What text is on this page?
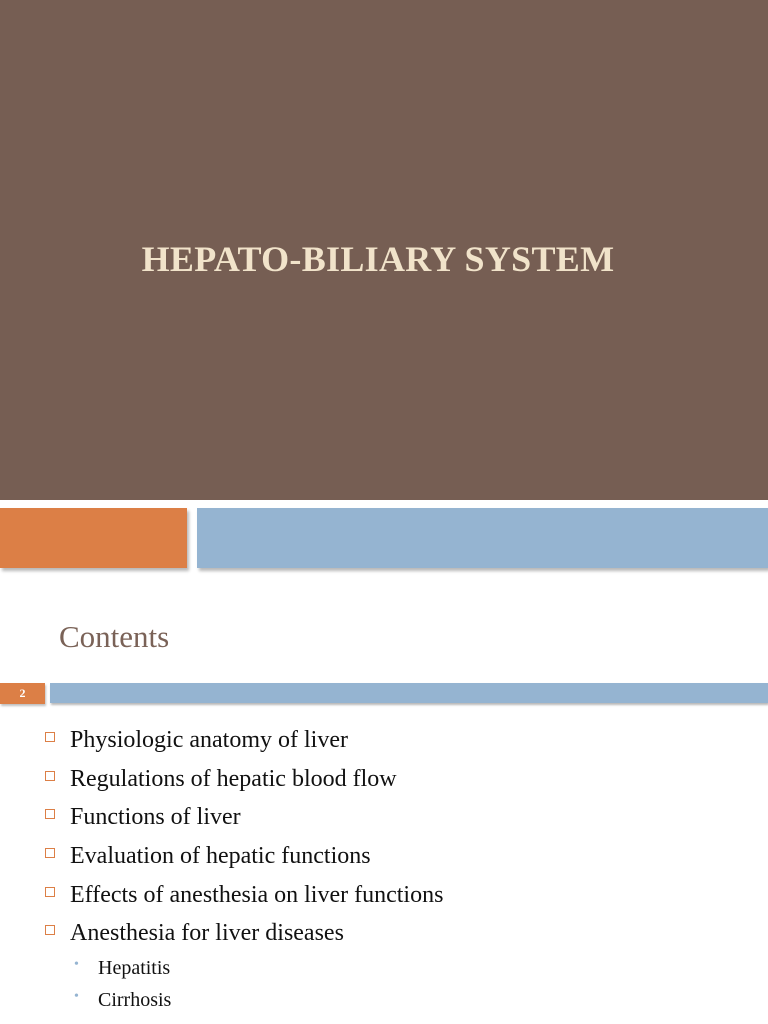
HEPATO-BILIARY SYSTEM
Contents
2
Physiologic anatomy of liver
Regulations of hepatic blood flow
Functions of liver
Evaluation of hepatic functions
Effects of anesthesia on liver functions
Anesthesia for liver diseases
• Hepatitis
• Cirrhosis
